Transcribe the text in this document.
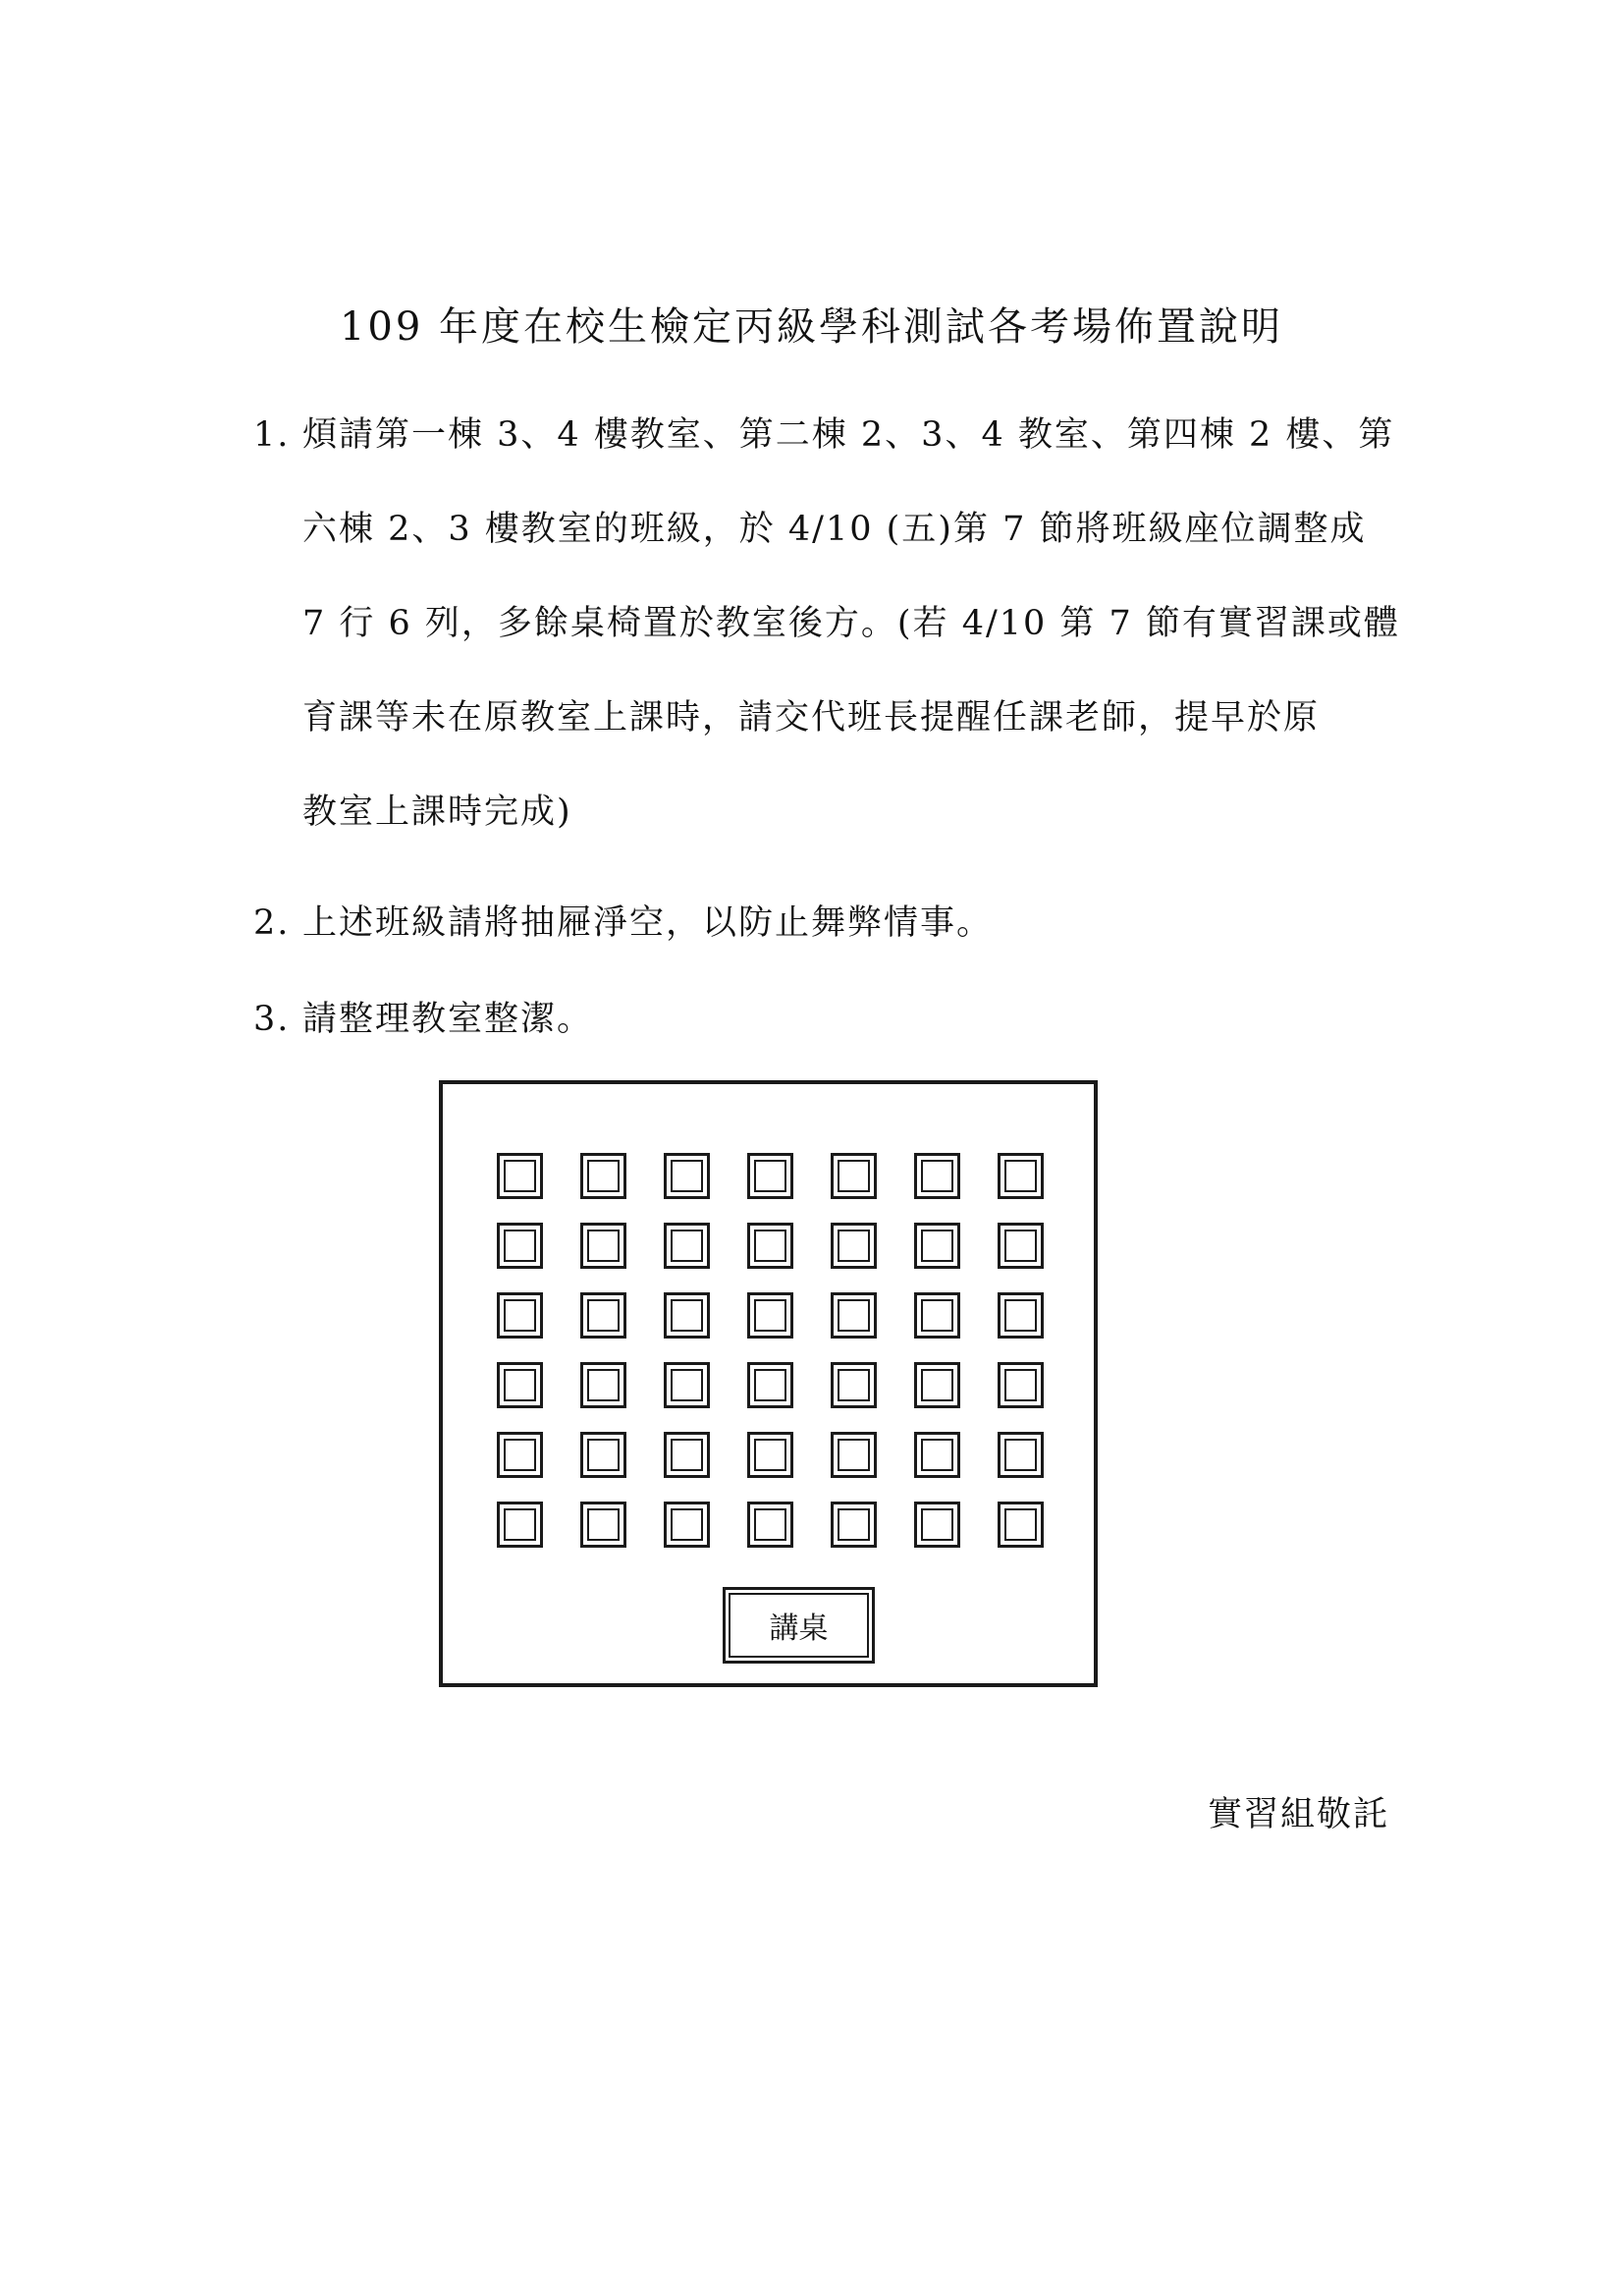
109 年度在校生檢定丙級學科測試各考場佈置說明
1. 煩請第一棟 3、4 樓教室、第二棟 2、3、4 教室、第四棟 2 樓、第
六棟 2、3 樓教室的班級，於 4/10 (五)第 7 節將班級座位調整成
7 行 6 列，多餘桌椅置於教室後方。(若 4/10 第 7 節有實習課或體
育課等未在原教室上課時，請交代班長提醒任課老師，提早於原
教室上課時完成)
2. 上述班級請將抽屜淨空，以防止舞弊情事。
3. 請整理教室整潔。
講桌
實習組敬託
